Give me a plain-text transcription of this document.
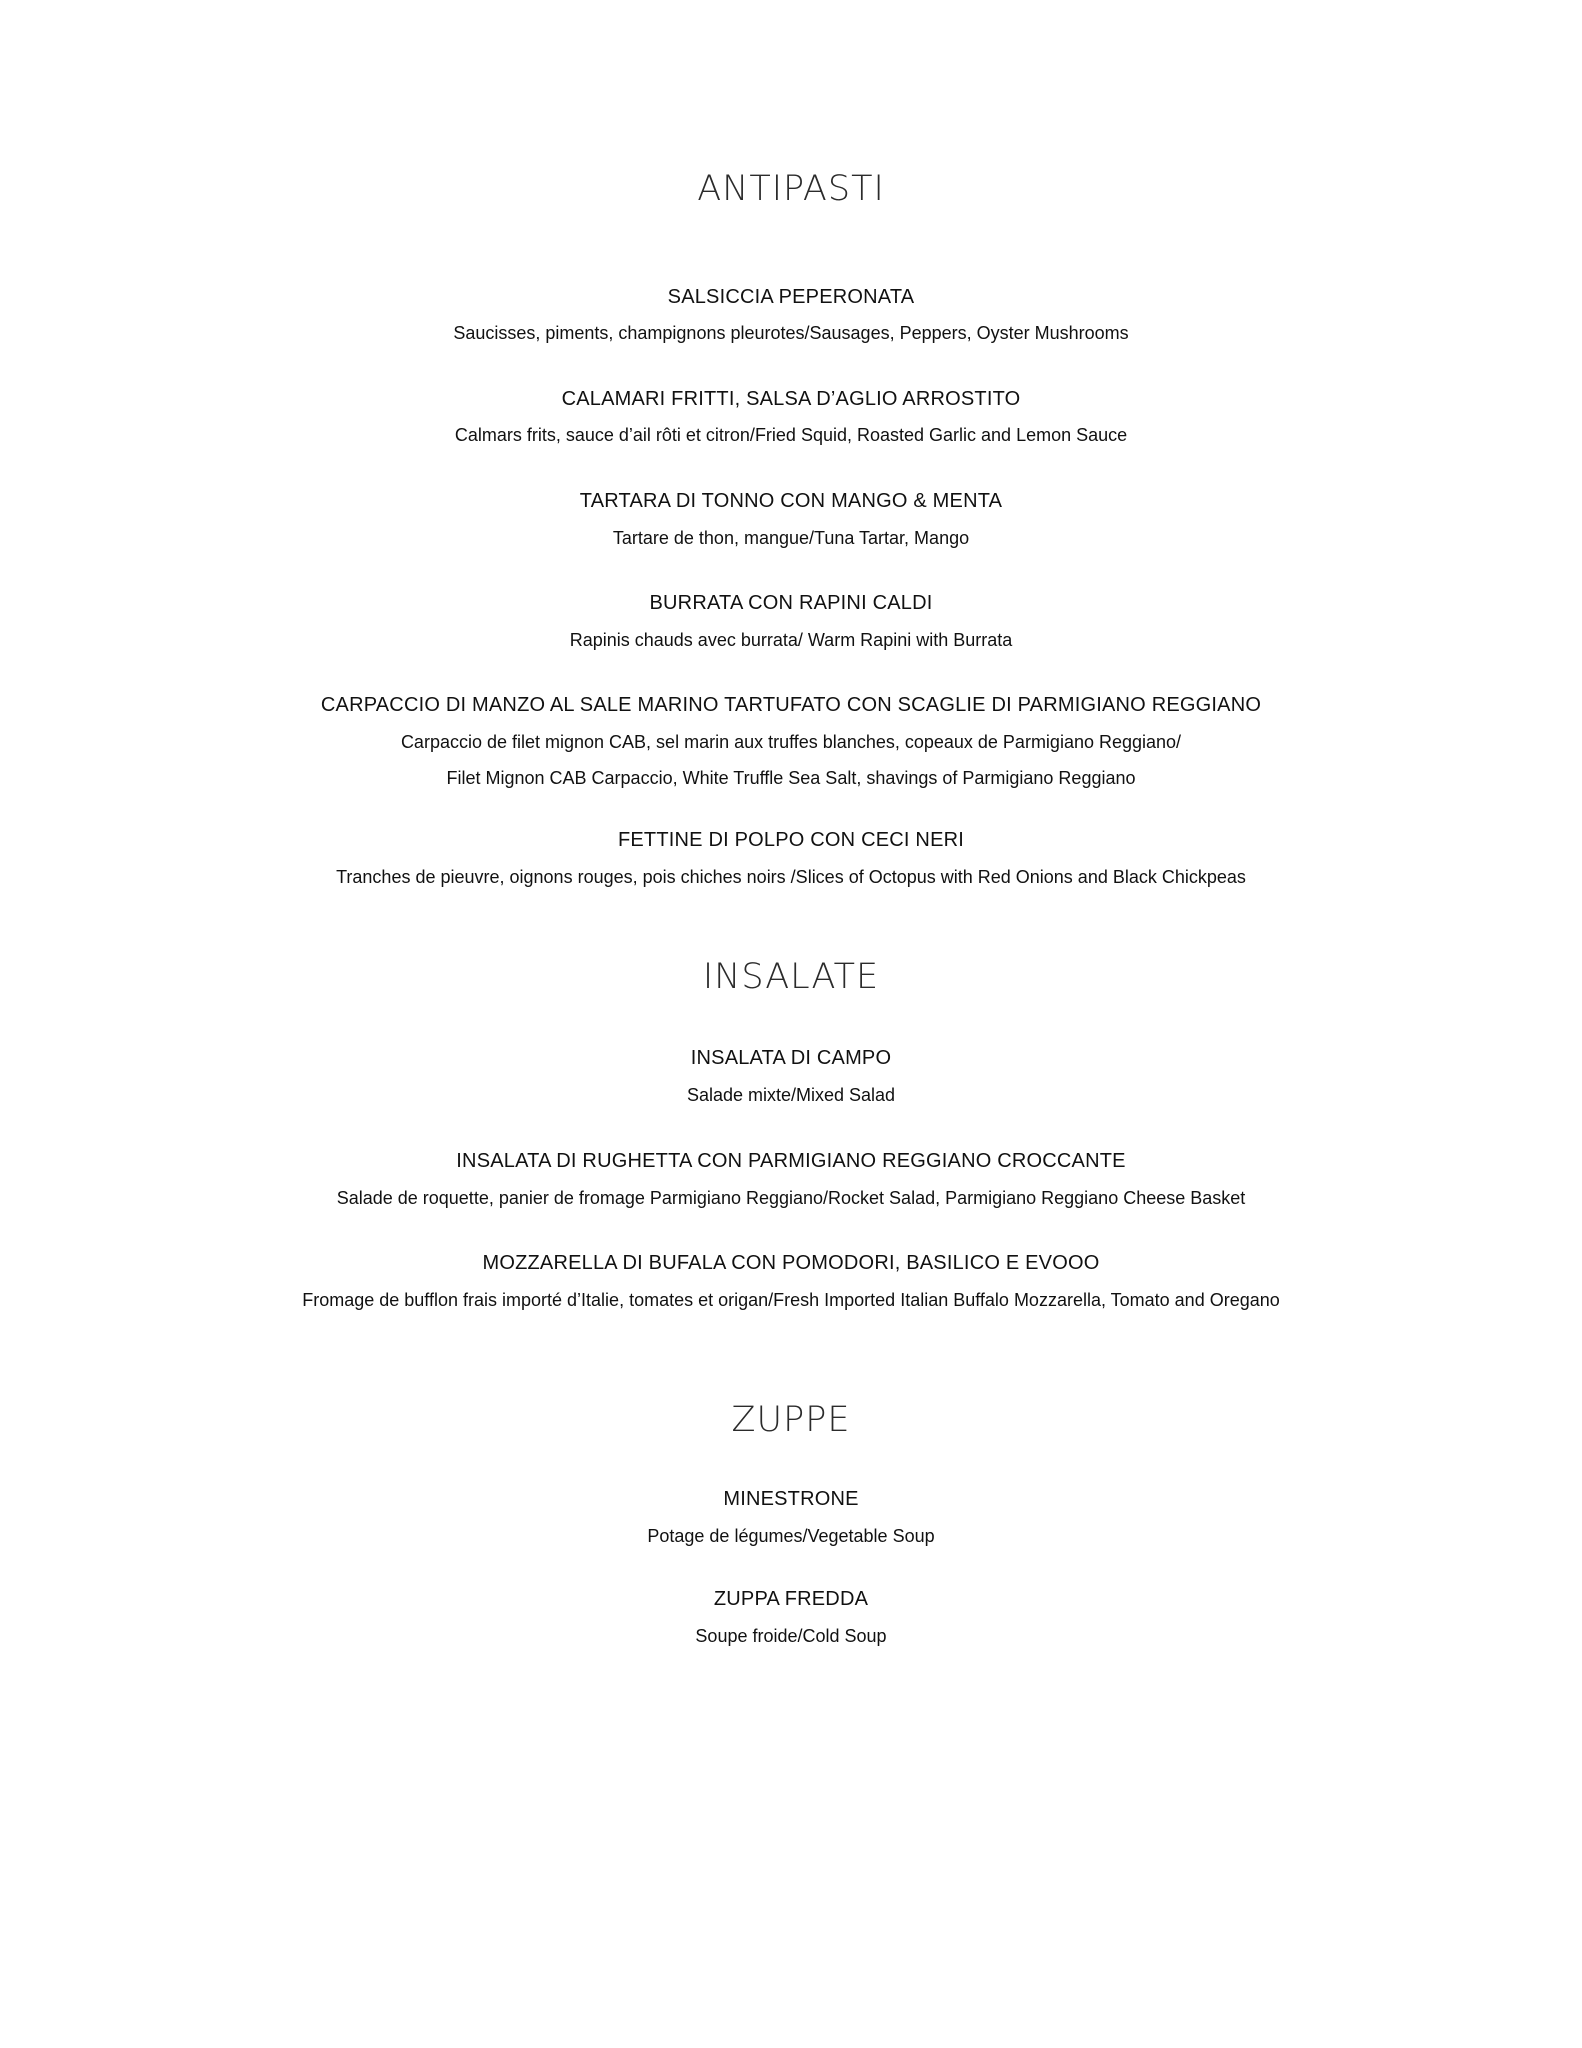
ANTIPASTI
SALSICCIA PEPERONATA
Saucisses, piments, champignons pleurotes/Sausages, Peppers, Oyster Mushrooms
CALAMARI FRITTI, SALSA D’AGLIO ARROSTITO
Calmars frits, sauce d’ail rôti et citron/Fried Squid, Roasted Garlic and Lemon Sauce
TARTARA DI TONNO CON MANGO & MENTA
Tartare de thon, mangue/Tuna Tartar, Mango
BURRATA CON RAPINI CALDI
Rapinis chauds avec burrata/ Warm Rapini with Burrata
CARPACCIO DI MANZO AL SALE MARINO TARTUFATO CON SCAGLIE DI PARMIGIANO REGGIANO
Carpaccio de filet mignon CAB, sel marin aux truffes blanches, copeaux de Parmigiano Reggiano/
Filet Mignon CAB Carpaccio, White Truffle Sea Salt, shavings of Parmigiano Reggiano
FETTINE DI POLPO CON CECI NERI
Tranches de pieuvre, oignons rouges, pois chiches noirs /Slices of Octopus with Red Onions and Black Chickpeas
INSALATE
INSALATA DI CAMPO
Salade mixte/Mixed Salad
INSALATA DI RUGHETTA CON PARMIGIANO REGGIANO CROCCANTE
Salade de roquette, panier de fromage Parmigiano Reggiano/Rocket Salad, Parmigiano Reggiano Cheese Basket
MOZZARELLA DI BUFALA CON POMODORI, BASILICO E EVOOO
Fromage de bufflon frais importé d’Italie, tomates et origan/Fresh Imported Italian Buffalo Mozzarella, Tomato and Oregano
ZUPPE
MINESTRONE
Potage de légumes/Vegetable Soup
ZUPPA FREDDA
Soupe froide/Cold Soup
